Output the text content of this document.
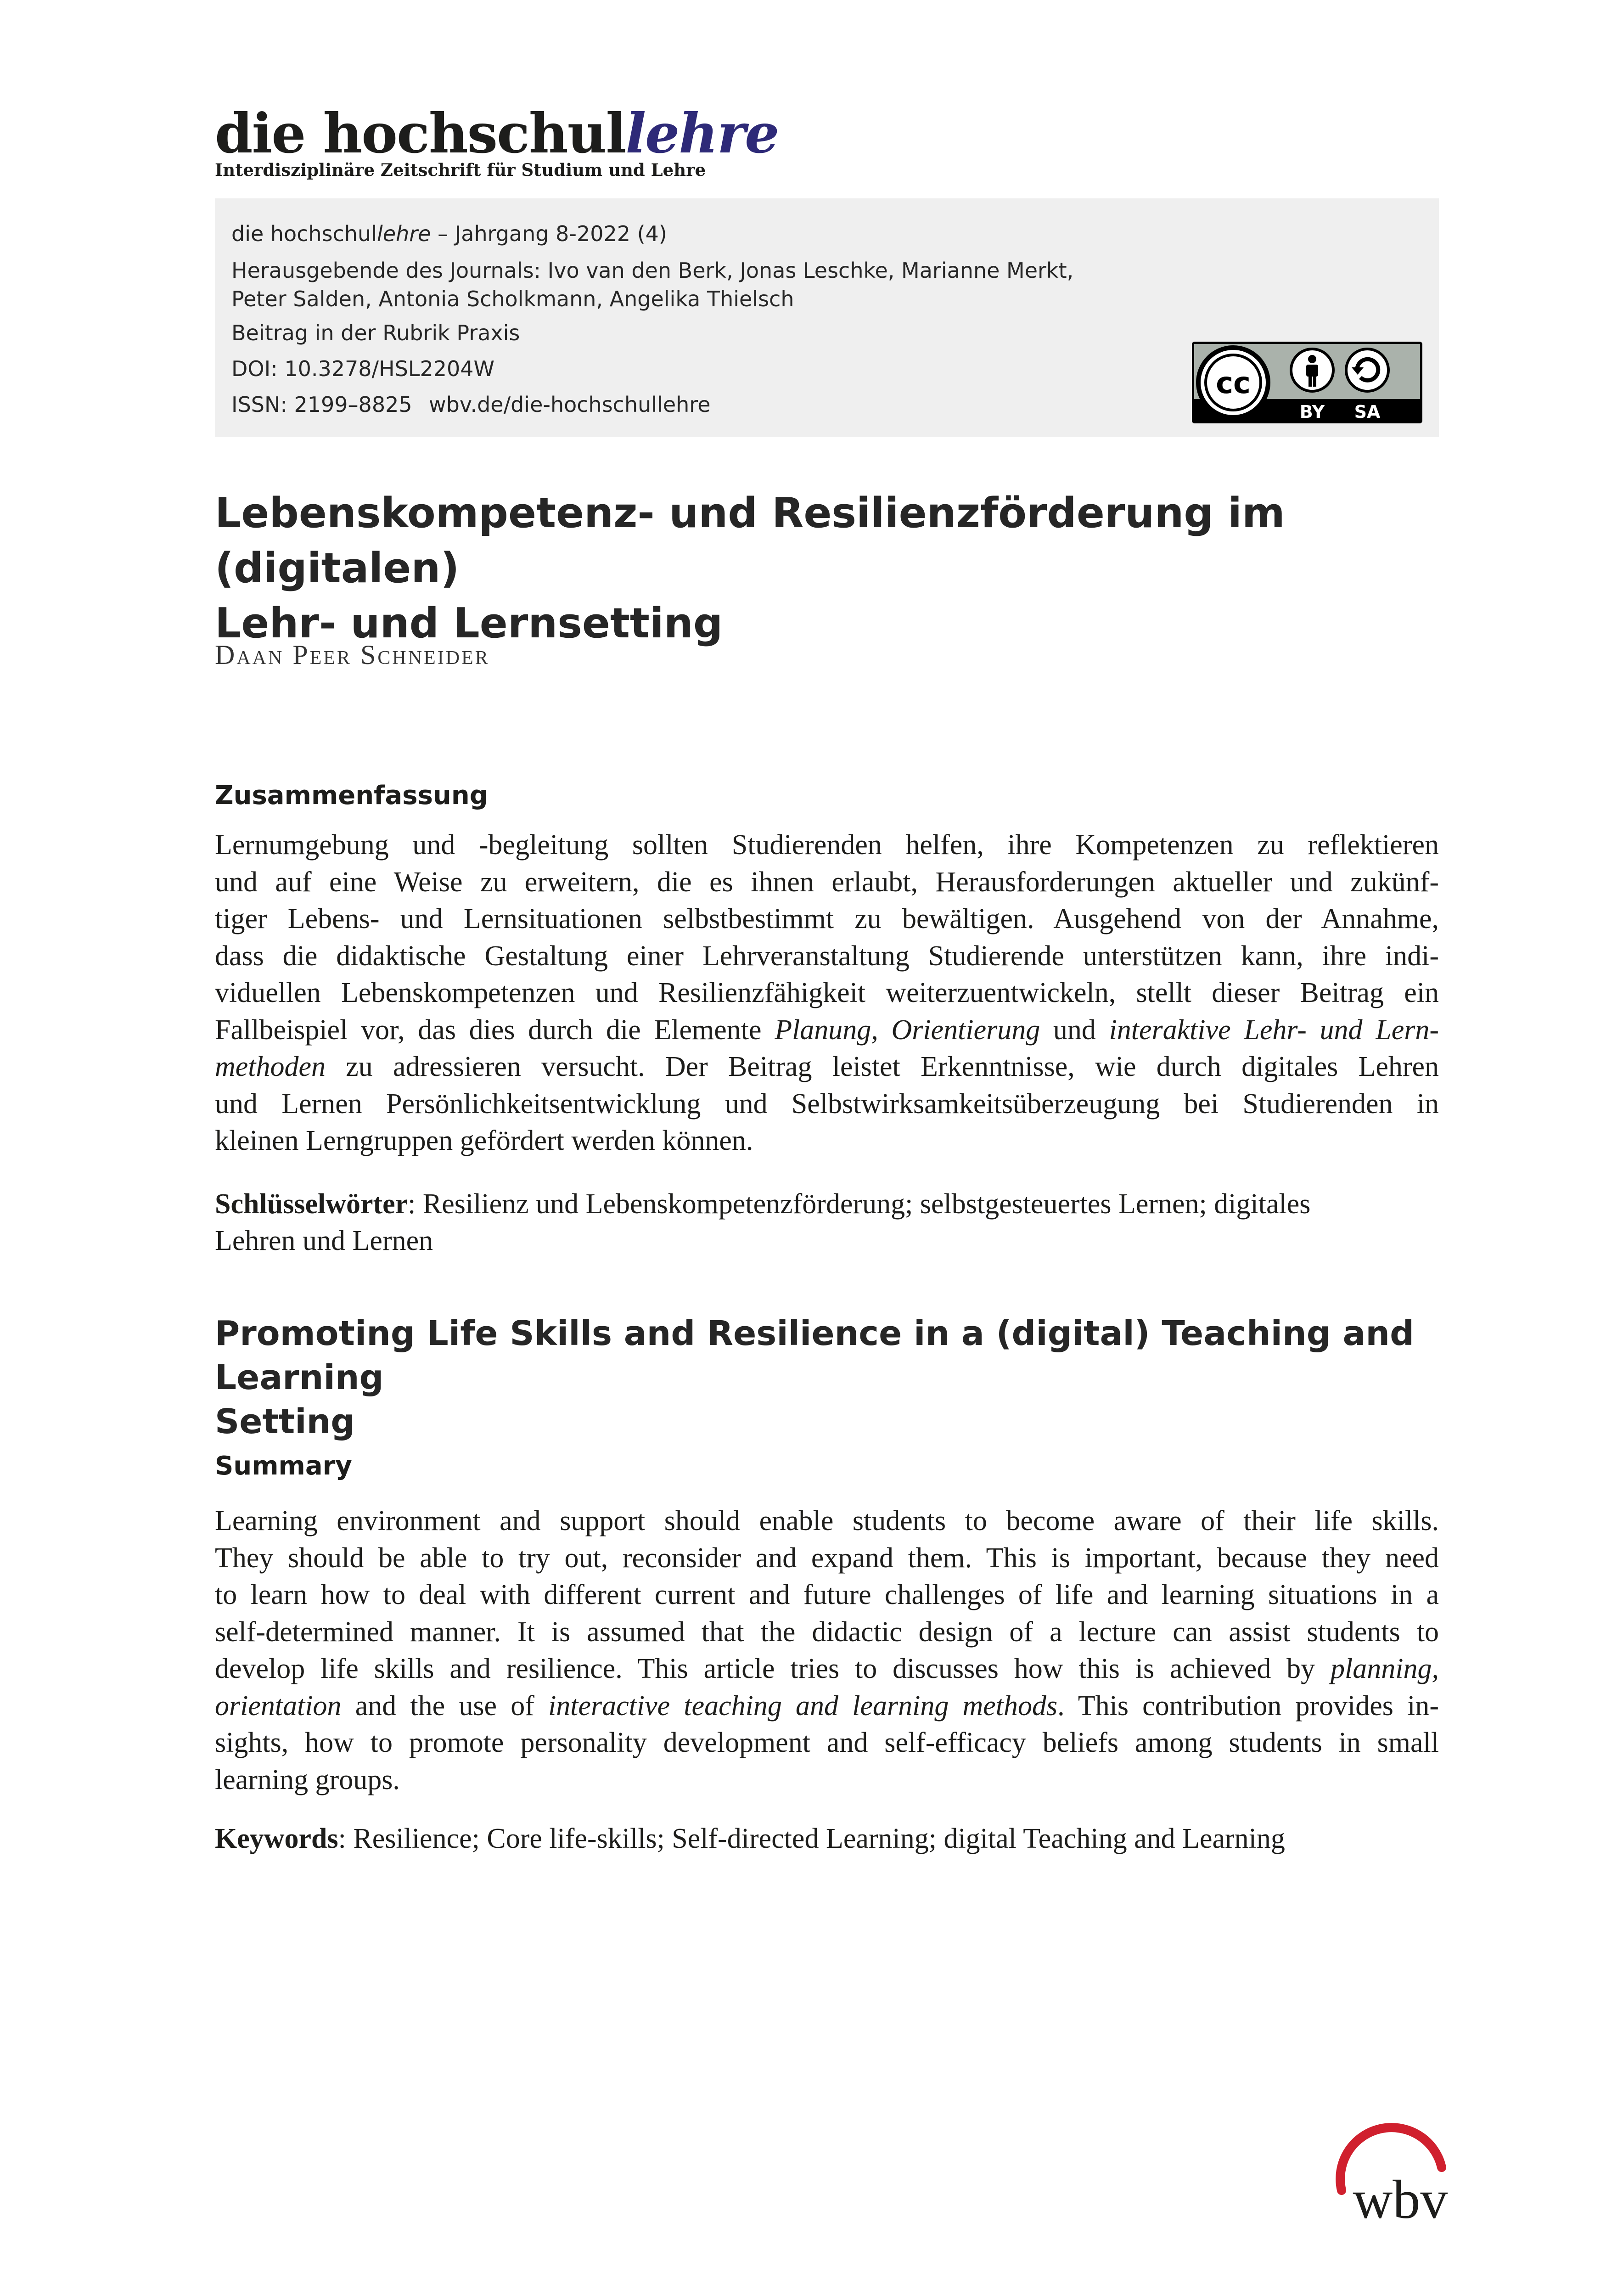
die hochschullehre
Interdisziplinäre Zeitschrift für Studium und Lehre
die hochschullehre – Jahrgang 8-2022 (4)
Herausgebende des Journals: Ivo van den Berk, Jonas Leschke, Marianne Merkt,
Peter Salden, Antonia Scholkmann, Angelika Thielsch
Beitrag in der Rubrik Praxis
DOI: 10.3278/HSL2204W
ISSN: 2199–8825 wbv.de/die-hochschullehre
cc
BY SA
Lebenskompetenz- und Resilienzförderung im (digitalen)
Lehr- und Lernsetting
Daan Peer Schneider
Zusammenfassung
Lernumgebung und -begleitung sollten Studierenden helfen, ihre Kompetenzen zu reflektieren
und auf eine Weise zu erweitern, die es ihnen erlaubt, Herausforderungen aktueller und zukünf-
tiger Lebens- und Lernsituationen selbstbestimmt zu bewältigen. Ausgehend von der Annahme,
dass die didaktische Gestaltung einer Lehrveranstaltung Studierende unterstützen kann, ihre indi-
viduellen Lebenskompetenzen und Resilienzfähigkeit weiterzuentwickeln, stellt dieser Beitrag ein
Fallbeispiel vor, das dies durch die Elemente Planung, Orientierung und interaktive Lehr- und Lern-
methoden zu adressieren versucht. Der Beitrag leistet Erkenntnisse, wie durch digitales Lehren
und Lernen Persönlichkeitsentwicklung und Selbstwirksamkeitsüberzeugung bei Studierenden in
kleinen Lerngruppen gefördert werden können.
Schlüsselwörter: Resilienz und Lebenskompetenzförderung; selbstgesteuertes Lernen; digitales
Lehren und Lernen
Promoting Life Skills and Resilience in a (digital) Teaching and Learning
Setting
Summary
Learning environment and support should enable students to become aware of their life skills.
They should be able to try out, reconsider and expand them. This is important, because they need
to learn how to deal with different current and future challenges of life and learning situations in a
self-determined manner. It is assumed that the didactic design of a lecture can assist students to
develop life skills and resilience. This article tries to discusses how this is achieved by planning,
orientation and the use of interactive teaching and learning methods. This contribution provides in-
sights, how to promote personality development and self-efficacy beliefs among students in small
learning groups.
Keywords: Resilience; Core life-skills; Self-directed Learning; digital Teaching and Learning
wbv
